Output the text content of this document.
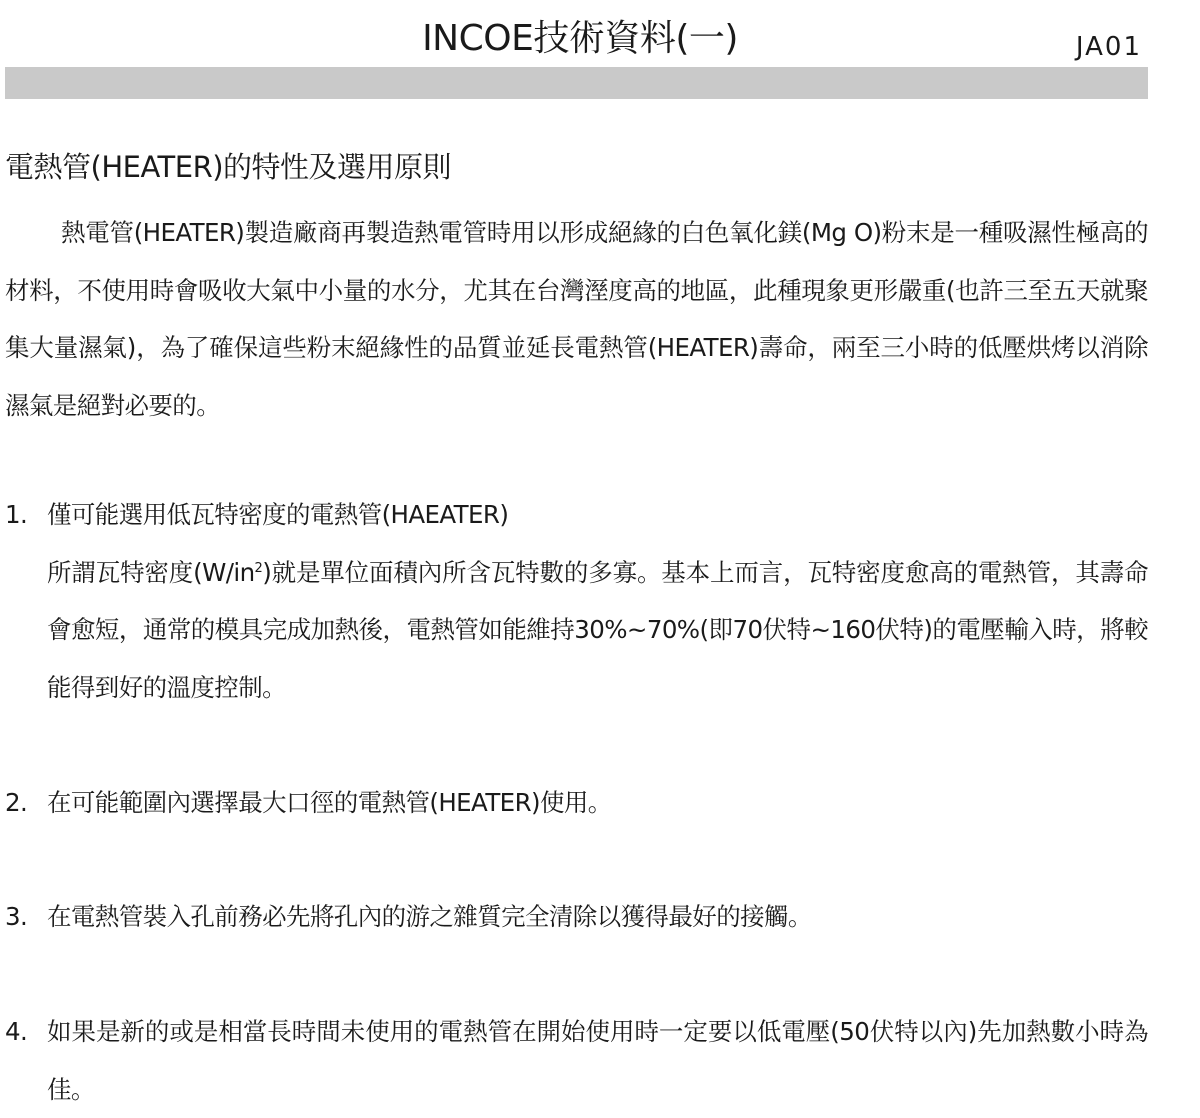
INCOE技術資料(一)	JA01
電熱管(HEATER)的特性及選用原則

熱電管(HEATER)製造廠商再製造熱電管時用以形成絕緣的白色氧化鎂(Mg O)粉末是一種吸濕性極高的材料，不使用時會吸收大氣中小量的水分，尤其在台灣溼度高的地區，此種現象更形嚴重(也許三至五天就聚集大量濕氣)，為了確保這些粉末絕緣性的品質並延長電熱管(HEATER)壽命，兩至三小時的低壓烘烤以消除濕氣是絕對必要的。

1. 僅可能選用低瓦特密度的電熱管(HAEATER)
所謂瓦特密度$(W/in^2)$就是單位面積內所含瓦特數的多寡。基本上而言，瓦特密度愈高的電熱管，其壽命會愈短，通常的模具完成加熱後，電熱管如能維持30%~70%(即70伏特~160伏特)的電壓輸入時，將較能得到好的溫度控制。
2. 在可能範圍內選擇最大口徑的電熱管(HEATER)使用。
3. 在電熱管裝入孔前務必先將孔內的游之雜質完全清除以獲得最好的接觸。
4. 如果是新的或是相當長時間未使用的電熱管在開始使用時一定要以低電壓(50伏特以內)先加熱數小時為佳。
